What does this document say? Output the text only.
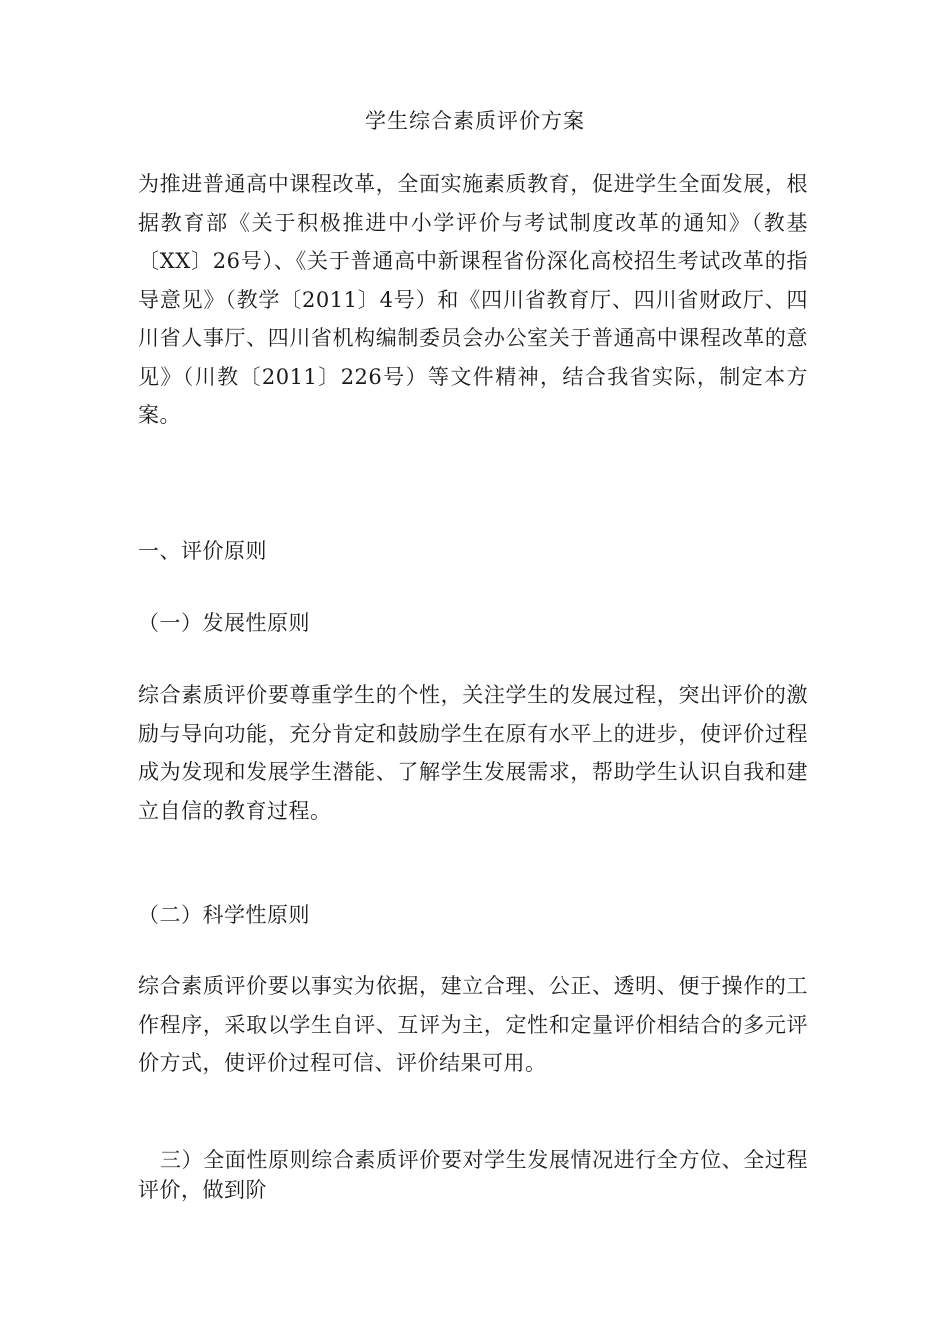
学生综合素质评价方案
为推进普通高中课程改革，全面实施素质教育，促进学生全面发展，根据教育部《关于积极推进中小学评价与考试制度改革的通知》（教基〔XX〕26号）、《关于普通高中新课程省份深化高校招生考试改革的指导意见》（教学〔2011〕4号）和《四川省教育厅、四川省财政厅、四川省人事厅、四川省机构编制委员会办公室关于普通高中课程改革的意见》（川教〔2011〕226号）等文件精神，结合我省实际，制定本方案。
一、评价原则
（一）发展性原则
综合素质评价要尊重学生的个性，关注学生的发展过程，突出评价的激励与导向功能，充分肯定和鼓励学生在原有水平上的进步，使评价过程成为发现和发展学生潜能、了解学生发展需求，帮助学生认识自我和建立自信的教育过程。
（二）科学性原则
综合素质评价要以事实为依据，建立合理、公正、透明、便于操作的工作程序，采取以学生自评、互评为主，定性和定量评价相结合的多元评价方式，使评价过程可信、评价结果可用。
三）全面性原则综合素质评价要对学生发展情况进行全方位、全过程评价，做到阶
